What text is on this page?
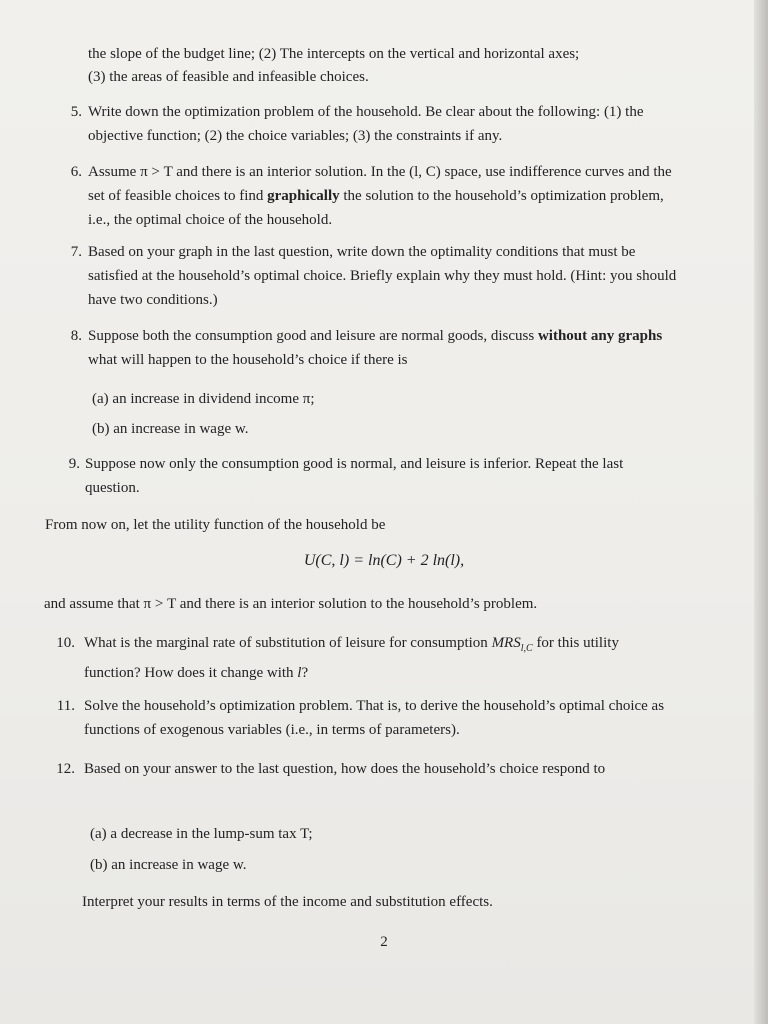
the slope of the budget line; (2) The intercepts on the vertical and horizontal axes;
(3) the areas of feasible and infeasible choices.
5. Write down the optimization problem of the household. Be clear about the following: (1) the objective function; (2) the choice variables; (3) the constraints if any.
6. Assume π > T and there is an interior solution. In the (l, C) space, use indifference curves and the set of feasible choices to find graphically the solution to the household’s optimization problem, i.e., the optimal choice of the household.
7. Based on your graph in the last question, write down the optimality conditions that must be satisfied at the household’s optimal choice. Briefly explain why they must hold. (Hint: you should have two conditions.)
8. Suppose both the consumption good and leisure are normal goods, discuss without any graphs what will happen to the household’s choice if there is
(a) an increase in dividend income π;
(b) an increase in wage w.
9. Suppose now only the consumption good is normal, and leisure is inferior. Repeat the last question.
From now on, let the utility function of the household be
U(C, l) = ln(C) + 2 ln(l),
and assume that π > T and there is an interior solution to the household’s problem.
10. What is the marginal rate of substitution of leisure for consumption $MRS_{l,C}$ for this utility function? How does it change with l?
11. Solve the household’s optimization problem. That is, to derive the household’s optimal choice as functions of exogenous variables (i.e., in terms of parameters).
12. Based on your answer to the last question, how does the household’s choice respond to
(a) a decrease in the lump-sum tax T;
(b) an increase in wage w.
Interpret your results in terms of the income and substitution effects.
2
